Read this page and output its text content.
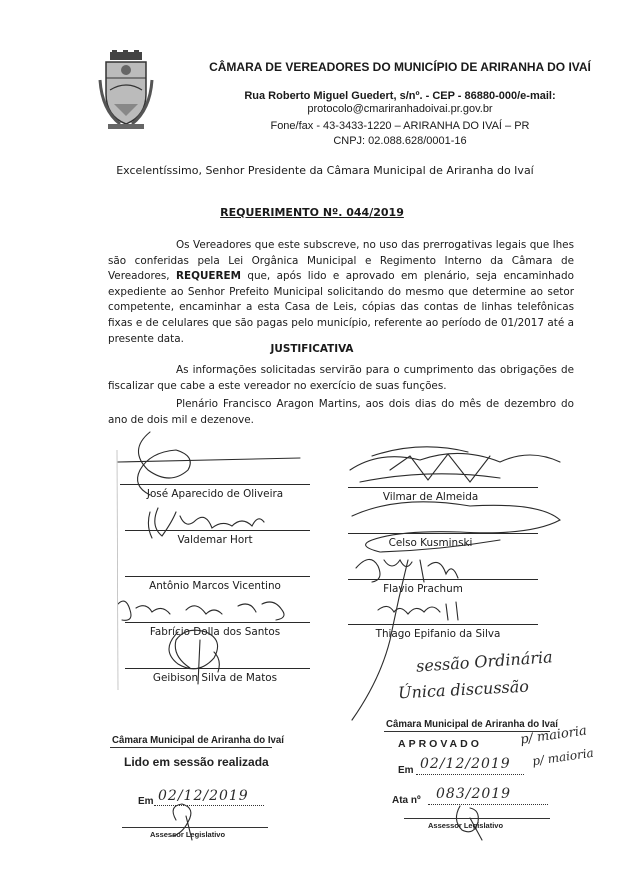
CÂMARA DE VEREADORES DO MUNICÍPIO DE ARIRANHA DO IVAÍ
Rua Roberto Miguel Guedert, s/nº. - CEP - 86880-000/e-mail:
protocolo@cmariranhadoivai.pr.gov.br
Fone/fax - 43-3433-1220 – ARIRANHA DO IVAÍ – PR
CNPJ: 02.088.628/0001-16
Excelentíssimo, Senhor Presidente da Câmara Municipal de Ariranha do Ivaí
REQUERIMENTO Nº. 044/2019
Os Vereadores que este subscreve, no uso das prerrogativas legais que lhes são conferidas pela Lei Orgânica Municipal e Regimento Interno da Câmara de Vereadores, REQUEREM que, após lido e aprovado em plenário, seja encaminhado expediente ao Senhor Prefeito Municipal solicitando do mesmo que determine ao setor competente, encaminhar a esta Casa de Leis, cópias das contas de linhas telefônicas fixas e de celulares que são pagas pelo município, referente ao período de 01/2017 até a presente data.
JUSTIFICATIVA
As informações solicitadas servirão para o cumprimento das obrigações de fiscalizar que cabe a este vereador no exercício de suas funções.
Plenário Francisco Aragon Martins, aos dois dias do mês de dezembro do ano de dois mil e dezenove.
José Aparecido de Oliveira
Valdemar Hort
Antônio Marcos Vicentino
Fabrício Dolla dos Santos
Geibison Silva de Matos
Vilmar de Almeida
Celso Kusminski
Flavio Prachum
Thiago Epifanio da Silva
sessão Ordinária
Única discussão
Câmara Municipal de Ariranha do Ivaí
Lido em sessão realizada
Em 02/12/2019
Assessor Legislativo
Câmara Municipal de Ariranha do Ivaí
APROVADO	p/ maioria
Em 02/12/2019 p/ maioria
Ata nº 083/2019
Assessor Legislativo
